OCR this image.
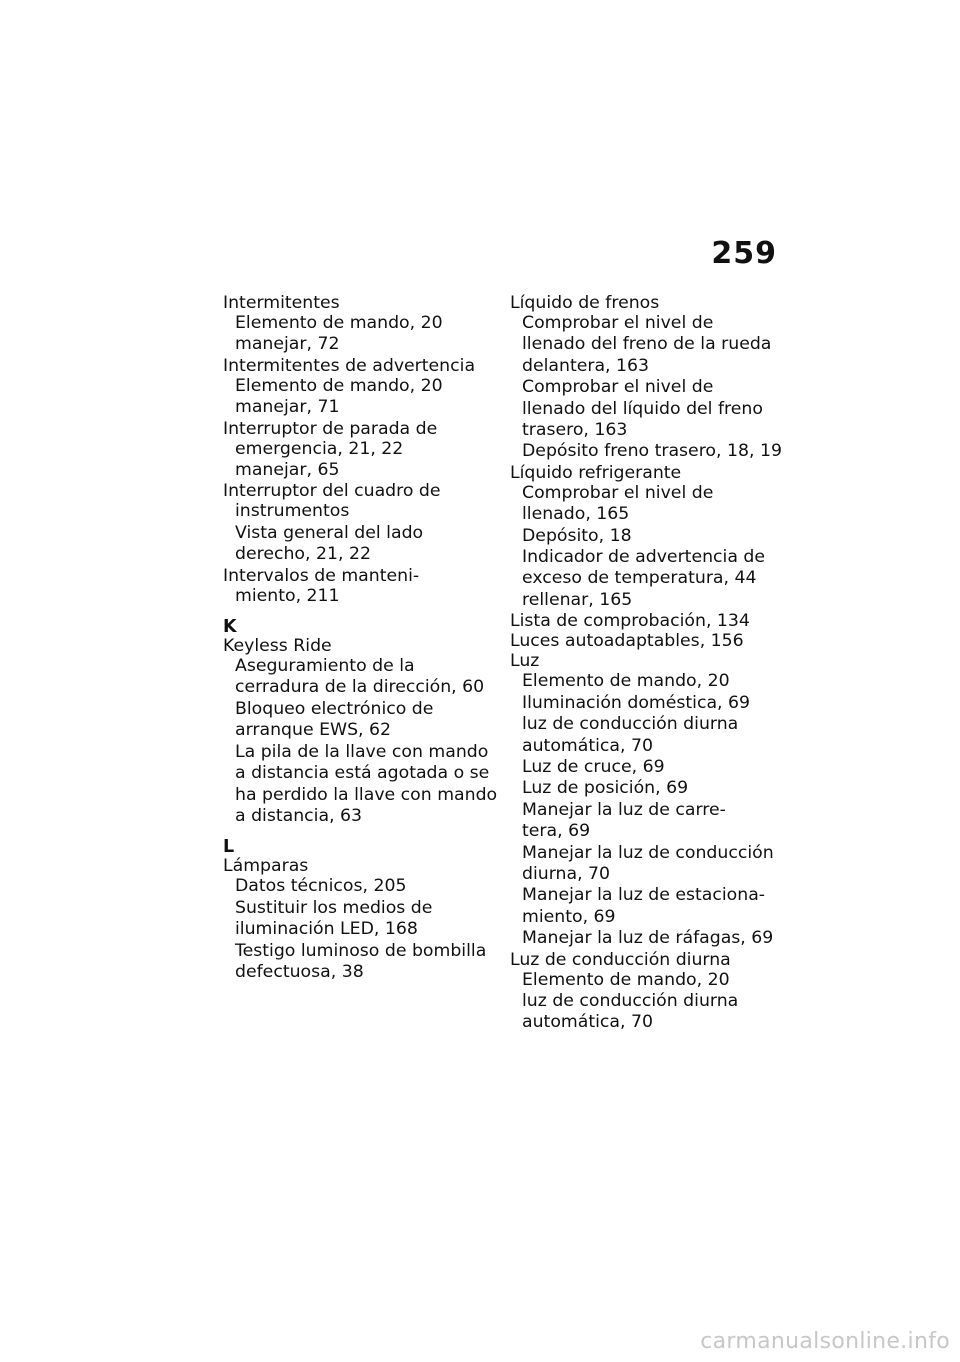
259
Intermitentes
Elemento de mando, 20
manejar, 72
Intermitentes de advertencia
Elemento de mando, 20
manejar, 71
Interruptor de parada de
emergencia, 21, 22
manejar, 65
Interruptor del cuadro de
instrumentos
Vista general del lado
derecho, 21, 22
Intervalos de manteni-
miento, 211
K
Keyless Ride
Aseguramiento de la
cerradura de la dirección, 60
Bloqueo electrónico de
arranque EWS, 62
La pila de la llave con mando
a distancia está agotada o se
ha perdido la llave con mando
a distancia, 63
L
Lámparas
Datos técnicos, 205
Sustituir los medios de
iluminación LED, 168
Testigo luminoso de bombilla
defectuosa, 38
Líquido de frenos
Comprobar el nivel de
llenado del freno de la rueda
delantera, 163
Comprobar el nivel de
llenado del líquido del freno
trasero, 163
Depósito freno trasero, 18, 19
Líquido refrigerante
Comprobar el nivel de
llenado, 165
Depósito, 18
Indicador de advertencia de
exceso de temperatura, 44
rellenar, 165
Lista de comprobación, 134
Luces autoadaptables, 156
Luz
Elemento de mando, 20
Iluminación doméstica, 69
luz de conducción diurna
automática, 70
Luz de cruce, 69
Luz de posición, 69
Manejar la luz de carre-
tera, 69
Manejar la luz de conducción
diurna, 70
Manejar la luz de estaciona-
miento, 69
Manejar la luz de ráfagas, 69
Luz de conducción diurna
Elemento de mando, 20
luz de conducción diurna
automática, 70
carmanualsonline.info
